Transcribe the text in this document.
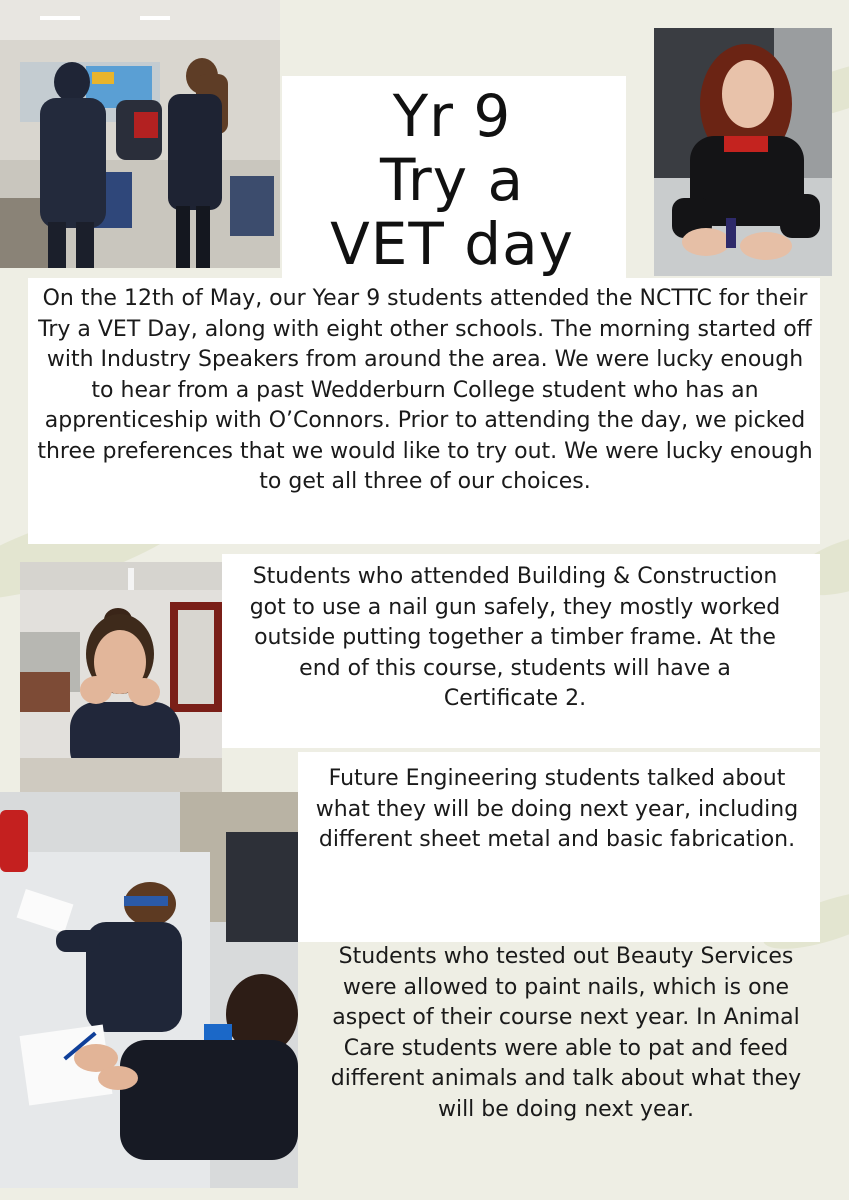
Yr 9
Try a
VET day
On the 12th of May, our Year 9 students attended the NCTTC for their Try a VET Day, along with eight other schools. The morning started off with Industry Speakers from around the area. We were lucky enough to hear from a past Wedderburn College student who has an apprenticeship with O’Connors. Prior to attending the day, we picked three preferences that we would like to try out. We were lucky enough to get all three of our choices.
Students who attended Building & Construction got to use a nail gun safely, they mostly worked outside putting together a timber frame. At the end of this course, students will have a Certificate 2.
Future Engineering students talked about what they will be doing next year, including different sheet metal and basic fabrication.
Students who tested out Beauty Services were allowed to paint nails, which is one aspect of their course next year. In Animal Care students were able to pat and feed different animals and talk about what they will be doing next year.
